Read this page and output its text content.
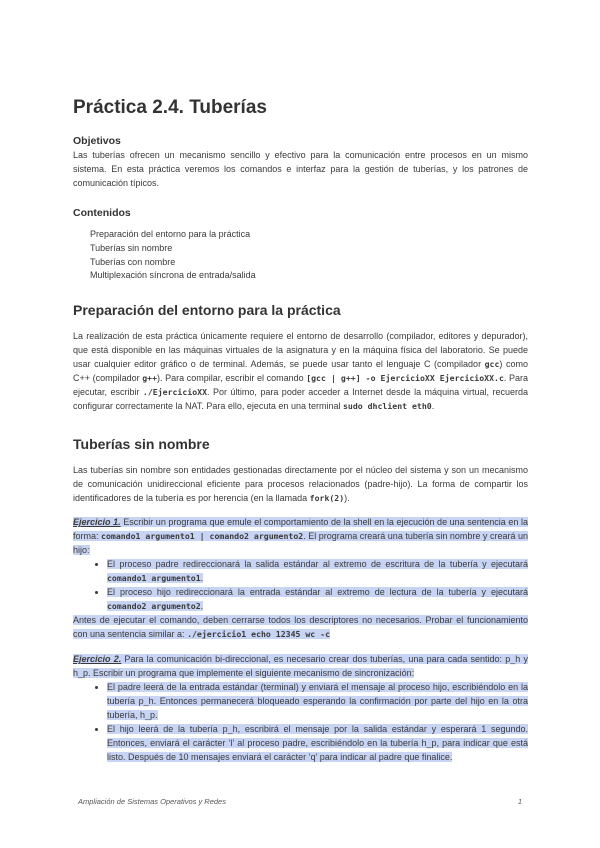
Práctica 2.4. Tuberías
Objetivos

Las tuberías ofrecen un mecanismo sencillo y efectivo para la comunicación entre procesos en un mismo sistema. En esta práctica veremos los comandos e interfaz para la gestión de tuberías, y los patrones de comunicación típicos.

Contenidos
Preparación del entorno para la práctica
Tuberías sin nombre
Tuberías con nombre
Multiplexación síncrona de entrada/salida
Preparación del entorno para la práctica

La realización de esta práctica únicamente requiere el entorno de desarrollo (compilador, editores y depurador), que está disponible en las máquinas virtuales de la asignatura y en la máquina física del laboratorio. Se puede usar cualquier editor gráfico o de terminal. Además, se puede usar tanto el lenguaje C (compilador gcc) como C++ (compilador g++). Para compilar, escribir el comando [gcc | g++] -o EjercicioXX EjercicioXX.c. Para ejecutar, escribir ./EjercicioXX. Por último, para poder acceder a Internet desde la máquina virtual, recuerda configurar correctamente la NAT. Para ello, ejecuta en una terminal sudo dhclient eth0.

Tuberías sin nombre

Las tuberías sin nombre son entidades gestionadas directamente por el núcleo del sistema y son un mecanismo de comunicación unidireccional eficiente para procesos relacionados (padre-hijo). La forma de compartir los identificadores de la tubería es por herencia (en la llamada fork(2)).

Ejercicio 1. Escribir un programa que emule el comportamiento de la shell en la ejecución de una sentencia en la forma: comando1 argumento1 | comando2 argumento2. El programa creará una tubería sin nombre y creará un hijo:

• El proceso padre redireccionará la salida estándar al extremo de escritura de la tubería y ejecutará comando1 argumento1.
• El proceso hijo redireccionará la entrada estándar al extremo de lectura de la tubería y ejecutará comando2 argumento2.

Antes de ejecutar el comando, deben cerrarse todos los descriptores no necesarios. Probar el funcionamiento con una sentencia similar a: ./ejercicio1 echo 12345 wc -c

Ejercicio 2. Para la comunicación bi-direccional, es necesario crear dos tuberías, una para cada sentido: p_h y h_p. Escribir un programa que implemente el siguiente mecanismo de sincronización:

• El padre leerá de la entrada estándar (terminal) y enviará el mensaje al proceso hijo, escribiéndolo en la tubería p_h. Entonces permanecerá bloqueado esperando la confirmación por parte del hijo en la otra tubería, h_p.
• El hijo leerá de la tubería p_h, escribirá el mensaje por la salida estándar y esperará 1 segundo. Entonces, enviará el carácter ‘l’ al proceso padre, escribiéndolo en la tubería h_p, para indicar que está listo. Después de 10 mensajes enviará el carácter ‘q’ para indicar al padre que finalice.
Ampliación de Sistemas Operativos y Redes	1
